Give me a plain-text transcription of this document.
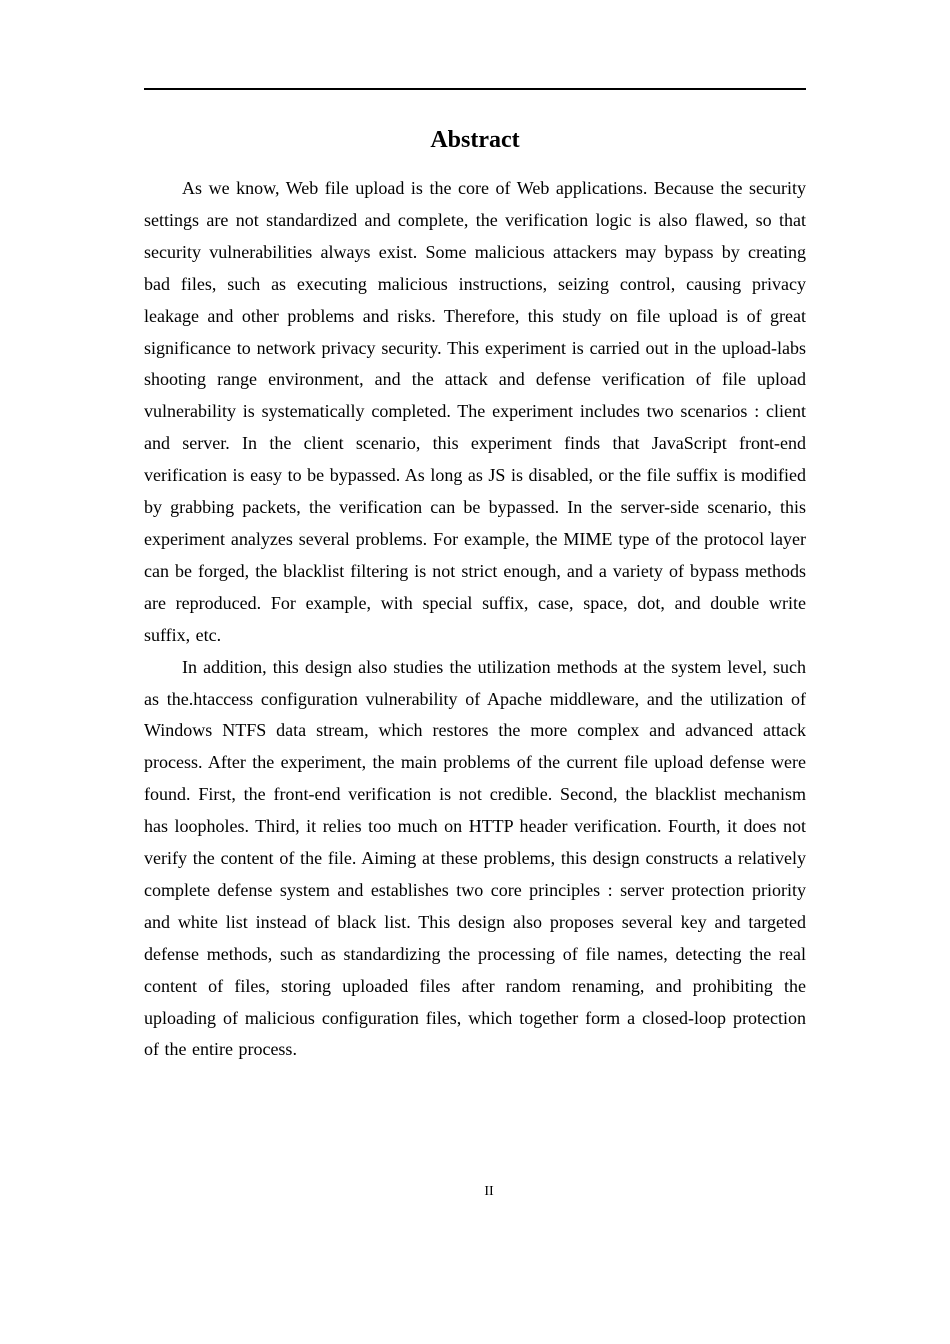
Abstract

As we know, Web file upload is the core of Web applications. Because the security settings are not standardized and complete, the verification logic is also flawed, so that security vulnerabilities always exist. Some malicious attackers may bypass by creating bad files, such as executing malicious instructions, seizing control, causing privacy leakage and other problems and risks. Therefore, this study on file upload is of great significance to network privacy security. This experiment is carried out in the upload-labs shooting range environment, and the attack and defense verification of file upload vulnerability is systematically completed. The experiment includes two scenarios : client and server. In the client scenario, this experiment finds that JavaScript front-end verification is easy to be bypassed. As long as JS is disabled, or the file suffix is modified by grabbing packets, the verification can be bypassed. In the server-side scenario, this experiment analyzes several problems. For example, the MIME type of the protocol layer can be forged, the blacklist filtering is not strict enough, and a variety of bypass methods are reproduced. For example, with special suffix, case, space, dot, and double write suffix, etc.

In addition, this design also studies the utilization methods at the system level, such as the.htaccess configuration vulnerability of Apache middleware, and the utilization of Windows NTFS data stream, which restores the more complex and advanced attack process. After the experiment, the main problems of the current file upload defense were found. First, the front-end verification is not credible. Second, the blacklist mechanism has loopholes. Third, it relies too much on HTTP header verification. Fourth, it does not verify the content of the file. Aiming at these problems, this design constructs a relatively complete defense system and establishes two core principles : server protection priority and white list instead of black list. This design also proposes several key and targeted defense methods, such as standardizing the processing of file names, detecting the real content of files, storing uploaded files after random renaming, and prohibiting the uploading of malicious configuration files, which together form a closed-loop protection of the entire process.

II
